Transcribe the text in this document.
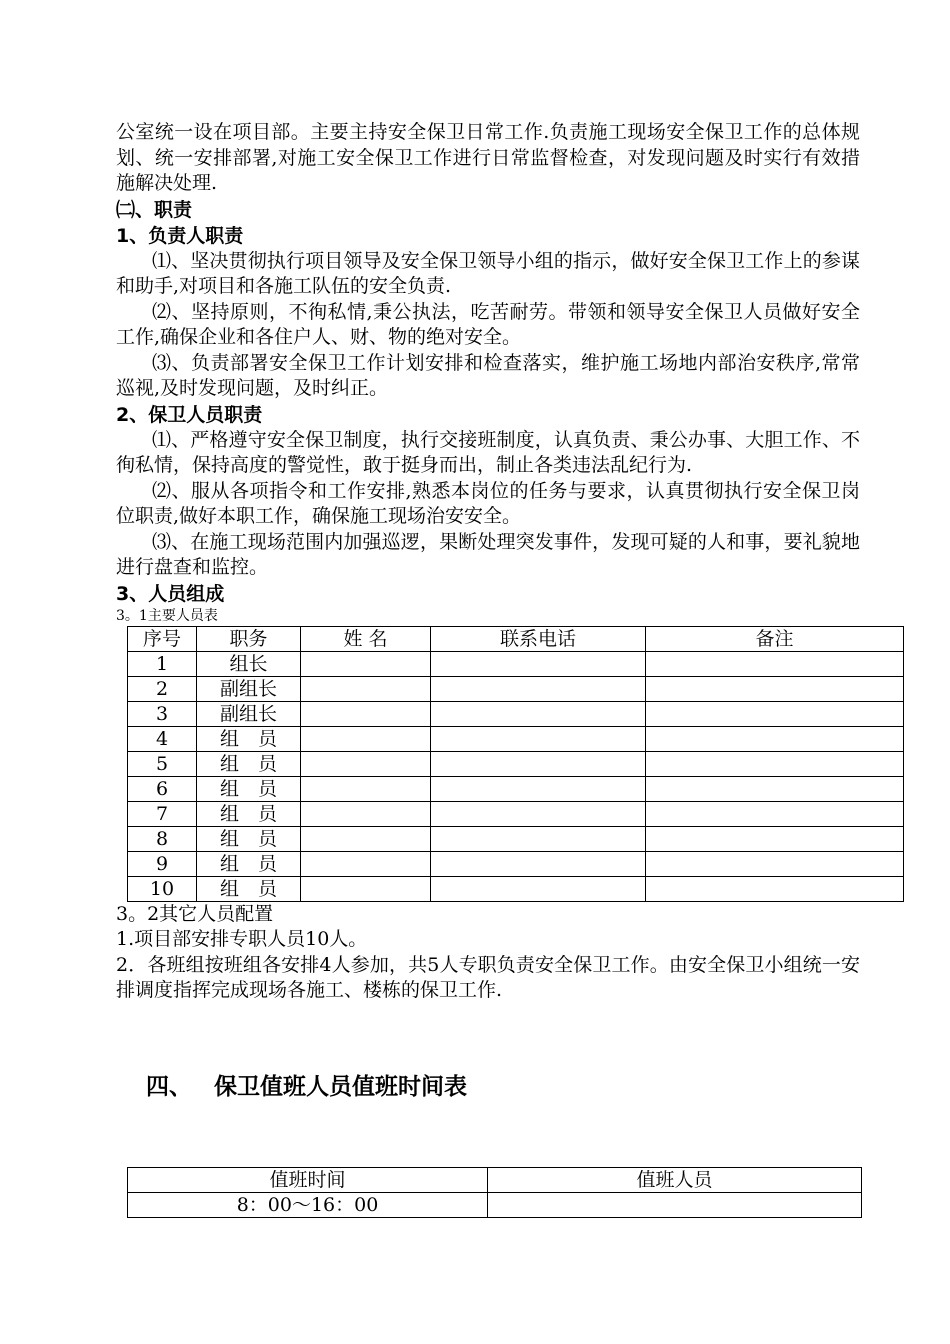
公室统一设在项目部。主要主持安全保卫日常工作.负责施工现场安全保卫工作的总体规划、统一安排部署,对施工安全保卫工作进行日常监督检查，对发现问题及时实行有效措施解决处理.

㈡、职责

1、负责人职责

⑴、坚决贯彻执行项目领导及安全保卫领导小组的指示，做好安全保卫工作上的参谋和助手,对项目和各施工队伍的安全负责.

⑵、坚持原则，不徇私情,秉公执法，吃苦耐劳。带领和领导安全保卫人员做好安全工作,确保企业和各住户人、财、物的绝对安全。

⑶、负责部署安全保卫工作计划安排和检查落实，维护施工场地内部治安秩序,常常巡视,及时发现问题，及时纠正。

2、保卫人员职责

⑴、严格遵守安全保卫制度，执行交接班制度，认真负责、秉公办事、大胆工作、不徇私情，保持高度的警觉性，敢于挺身而出，制止各类违法乱纪行为.

⑵、服从各项指令和工作安排,熟悉本岗位的任务与要求，认真贯彻执行安全保卫岗位职责,做好本职工作，确保施工现场治安安全。

⑶、在施工现场范围内加强巡逻，果断处理突发事件，发现可疑的人和事，要礼貌地进行盘查和监控。

3、人员组成

3。1主要人员表

序号	职务	姓 名	联系电话	备注
1	组长			
2	副组长			
3	副组长			
4	组　员			
5	组　员			
6	组　员			
7	组　员			
8	组　员			
9	组　员			
10	组　员			

3。2其它人员配置

1.项目部安排专职人员10人。

2．各班组按班组各安排4人参加，共5人专职负责安全保卫工作。由安全保卫小组统一安排调度指挥完成现场各施工、楼栋的保卫工作.

四、 保卫值班人员值班时间表
值班时间	值班人员
8：00～16：00	
